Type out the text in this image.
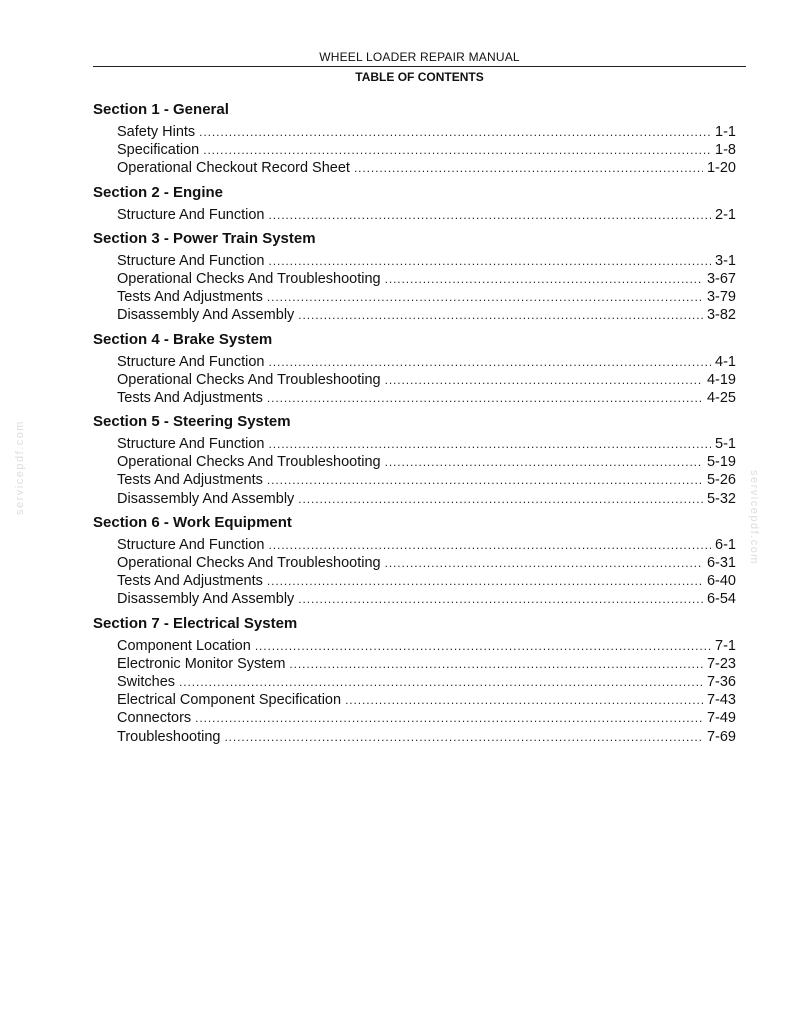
WHEEL LOADER REPAIR MANUAL
TABLE OF CONTENTS
Section 1 - General
Safety Hints .....	1-1
Specification .....	1-8
Operational Checkout Record Sheet .....	1-20
Section 2 - Engine
Structure And Function .....	2-1
Section 3 - Power Train System
Structure And Function .....	3-1
Operational Checks And Troubleshooting .....	3-67
Tests And Adjustments .....	3-79
Disassembly And Assembly .....	3-82
Section 4 - Brake System
Structure And Function .....	4-1
Operational Checks And Troubleshooting .....	4-19
Tests And Adjustments .....	4-25
Section 5 - Steering System
Structure And Function .....	5-1
Operational Checks And Troubleshooting .....	5-19
Tests And Adjustments .....	5-26
Disassembly And Assembly .....	5-32
Section 6 - Work Equipment
Structure And Function .....	6-1
Operational Checks And Troubleshooting .....	6-31
Tests And Adjustments .....	6-40
Disassembly And Assembly .....	6-54
Section 7 - Electrical System
Component Location .....	7-1
Electronic Monitor System .....	7-23
Switches .....	7-36
Electrical Component Specification .....	7-43
Connectors .....	7-49
Troubleshooting .....	7-69
servicepdf.com
servicepdf.com
